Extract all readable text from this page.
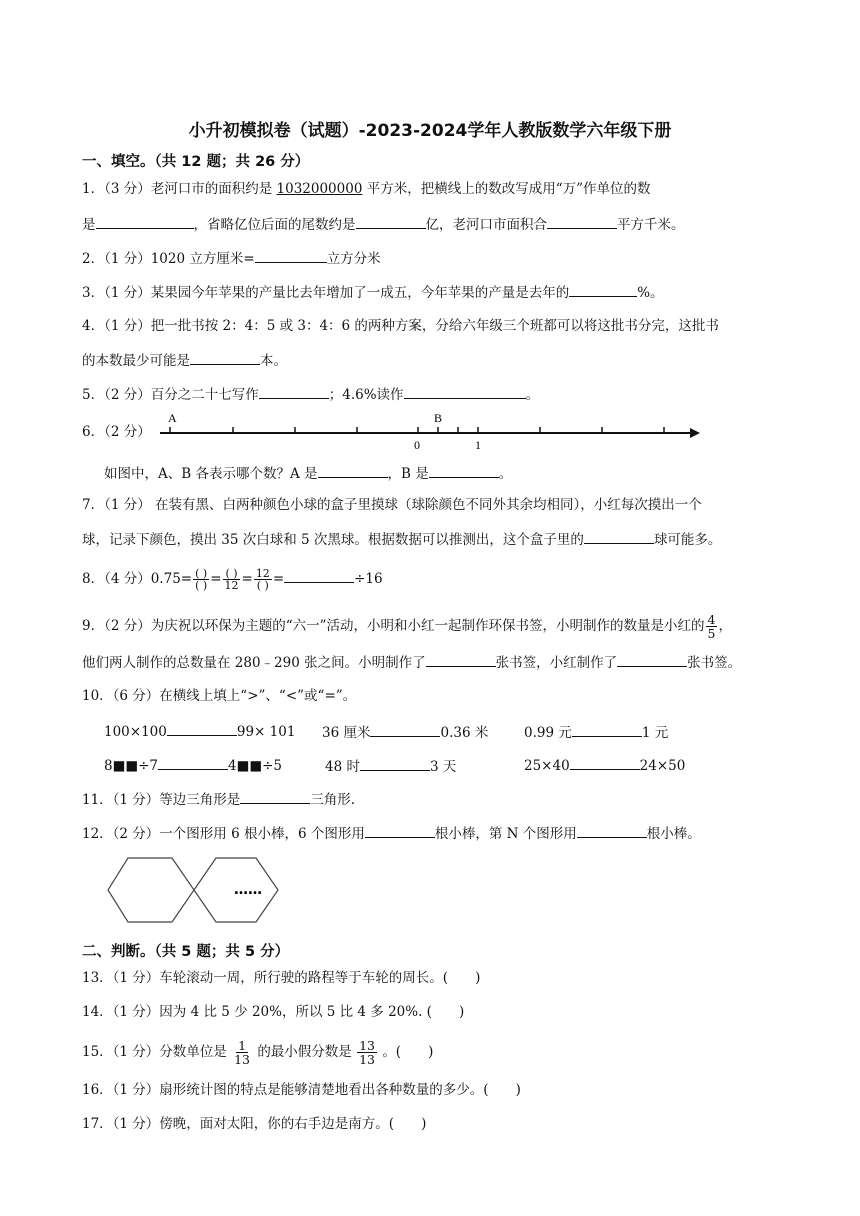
小升初模拟卷（试题）-2023-2024学年人教版数学六年级下册
一、填空。（共 12 题；共 26 分）
1．（3 分）老河口市的面积约是 1032000000 平方米，把横线上的数改写成用“万”作单位的数
是	，省略亿位后面的尾数约是	亿，老河口市面积合	平方千米。
2．（1 分）1020 立方厘米=	立方分米
3．（1 分）某果园今年苹果的产量比去年增加了一成五，今年苹果的产量是去年的	%。
4．（1 分）把一批书按 2：4：5 或 3：4：6 的两种方案，分给六年级三个班都可以将这批书分完，这批书
的本数最少可能是	本。
5．（2 分）百分之二十七写作	；4.6%读作	。
6．（2 分）
A	B
0	1
如图中，A、B 各表示哪个数？A 是	，B 是	。
7．（1 分） 在装有黑、白两种颜色小球的盒子里摸球（球除颜色不同外其余均相同），小红每次摸出一个
球，记录下颜色，摸出 35 次白球和 5 次黑球。根据数据可以推测出，这个盒子里的	球可能多。
8．（4 分）$0.75= \frac{( )}{( )} = \frac{( )}{12} = \frac{12}{( )}$ =	÷16
9．（2 分）为庆祝以环保为主题的“六一”活动，小明和小红一起制作环保书签，小明制作的数量是小红的 $\frac{4}{5}$ ，
他们两人制作的总数量在 280﹣290 张之间。小明制作了	张书签，小红制作了	张书签。
10．（6 分）在横线上填上“>”、“<”或“=”。
100×100	99× 101 36 厘米	0.36 米	0.99 元	1 元
8■■÷7	4■■÷5	48 时	3 天	25×40	24×50
11．（1 分）等边三角形是	三角形.
12．（2 分）一个图形用 6 根小棒，6 个图形用	根小棒，第 N 个图形用	根小棒。
……
二、判断。（共 5 题；共 5 分）
13．（1 分）车轮滚动一周，所行驶的路程等于车轮的周长。(　　)
14．（1 分）因为 4 比 5 少 20%，所以 5 比 4 多 20%. (　　)
15．（1 分）分数单位是 $\frac{1}{13}$ 的最小假分数是 $\frac{13}{13}$ 。(　　)
16．（1 分）扇形统计图的特点是能够清楚地看出各种数量的多少。(　　)
17．（1 分）傍晚，面对太阳，你的右手边是南方。(　　)
